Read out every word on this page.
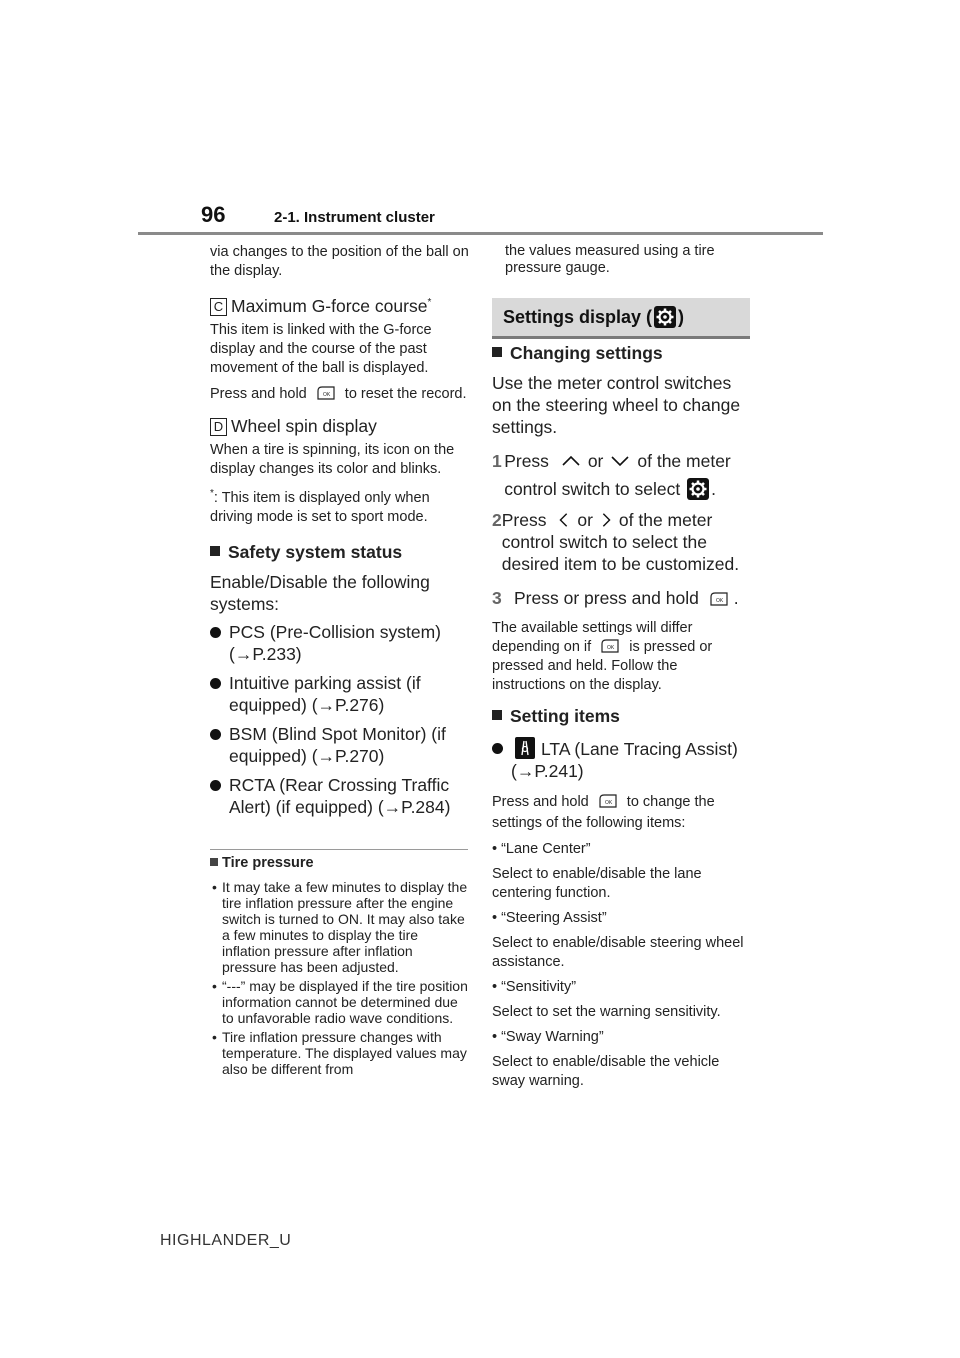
96	2-1. Instrument cluster

via changes to the position of the ball on the display.

C Maximum G-force course*

This item is linked with the G-force display and the course of the past movement of the ball is displayed.

Press and hold	OK to reset the record.

D Wheel spin display

When a tire is spinning, its icon on the display changes its color and blinks.

*: This item is displayed only when driving mode is set to sport mode.

Safety system status

Enable/Disable the following systems:

PCS (Pre-Collision system) (→P.233)
Intuitive parking assist (if equipped) (→P.276)
BSM (Blind Spot Monitor) (if equipped) (→P.270)
RCTA (Rear Crossing Traffic Alert) (if equipped) (→P.284)
Tire pressure
• It may take a few minutes to display the tire inflation pressure after the engine switch is turned to ON. It may also take a few minutes to display the tire inflation pressure after inflation pressure has been adjusted.
• “---” may be displayed if the tire position information cannot be determined due to unfavorable radio wave conditions.
• Tire inflation pressure changes with temperature. The displayed values may also be different from

the values measured using a tire pressure gauge.

Settings display ( )
Changing settings

Use the meter control switches on the steering wheel to change settings.

1 Press or of the meter control switch to select .
2 Press or of the meter control switch to select the desired item to be customized.
3 Press or press and hold	OK .

The available settings will differ depending on if	OK is pressed or pressed and held. Follow the instructions on the display.

Setting items
LTA (Lane Tracing Assist) (→P.241)

Press and hold	OK to change the settings of the following items:

• “Lane Center”

Select to enable/disable the lane centering function.

• “Steering Assist”

Select to enable/disable steering wheel assistance.

• “Sensitivity”

Select to set the warning sensitivity.

• “Sway Warning”

Select to enable/disable the vehicle sway warning.

HIGHLANDER_U
